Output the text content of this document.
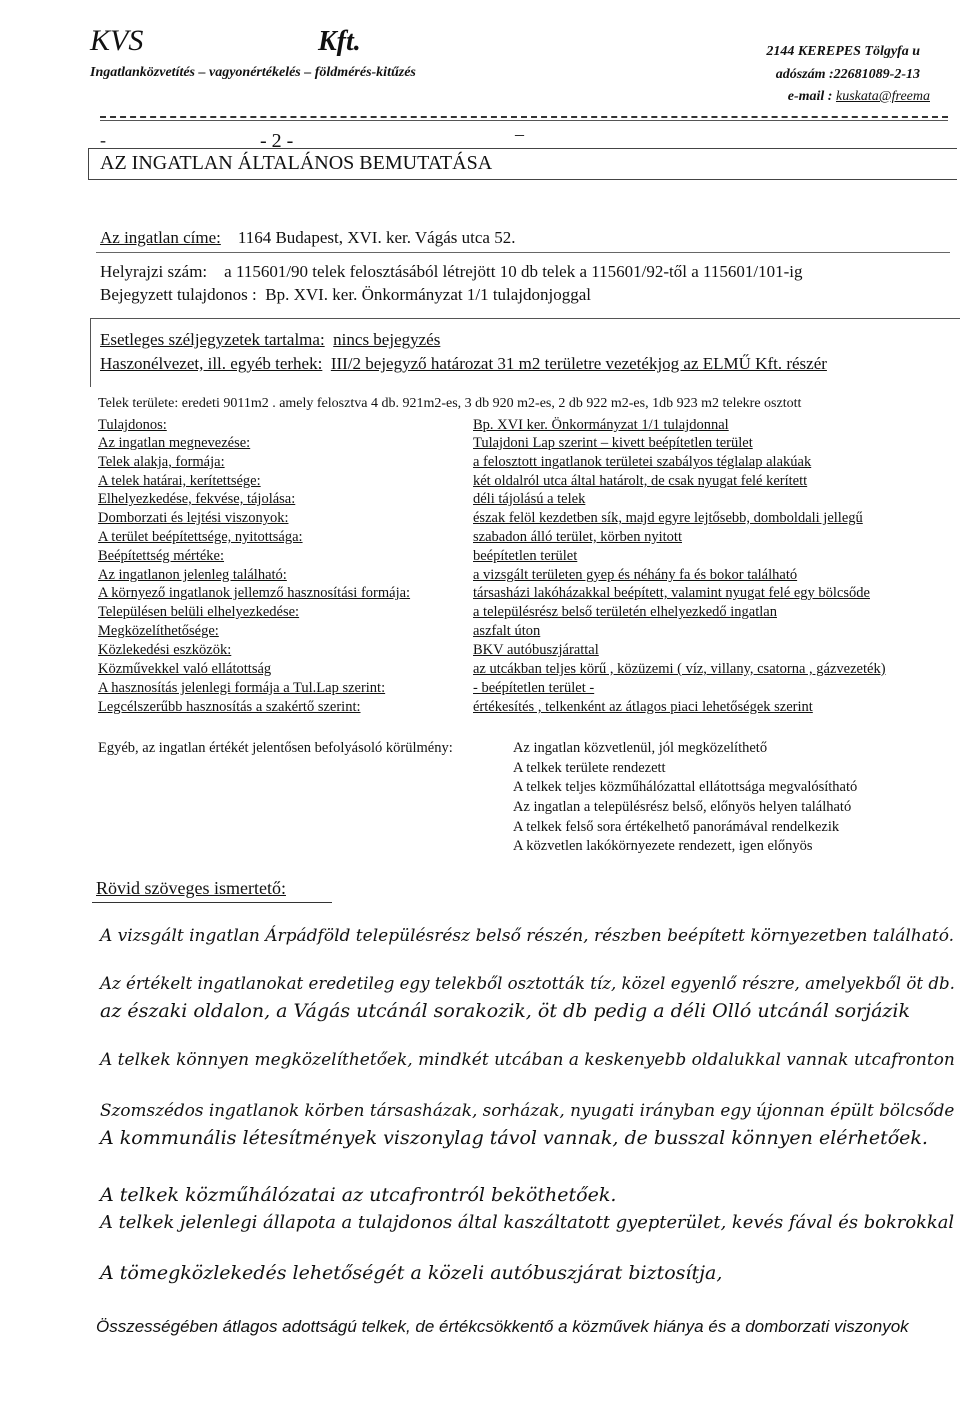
KVS	Kft.
Ingatlanközvetítés – vagyonértékelés – földmérés-kitűzés
2144 KEREPES Tölgyfa u
adószám :22681089-2-13
e-mail : kuskata@freema
-	- 2 -	–
AZ INGATLAN ÁLTALÁNOS BEMUTATÁSA
Az ingatlan címe: 1164 Budapest, XVI. ker. Vágás utca 52.
Helyrajzi szám: a 115601/90 telek felosztásából létrejött 10 db telek a 115601/92-től a 115601/101-ig
Bejegyzett tulajdonos : Bp. XVI. ker. Önkormányzat 1/1 tulajdonjoggal
Esetleges széljegyzetek tartalma: nincs bejegyzés
Haszonélvezet, ill. egyéb terhek: III/2 bejegyző határozat 31 m2 területre vezetékjog az ELMŰ Kft. részér
Telek területe: eredeti 9011m2 . amely felosztva 4 db. 921m2-es, 3 db 920 m2-es, 2 db 922 m2-es, 1db 923 m2 telekre osztott
Tulajdonos:	Bp. XVI ker. Önkormányzat 1/1 tulajdonnal
Az ingatlan megnevezése:	Tulajdoni Lap szerint – kivett beépítetlen terület
Telek alakja, formája:	a felosztott ingatlanok területei szabályos téglalap alakúak
A telek határai, kerítettsége:	két oldalról utca által határolt, de csak nyugat felé kerített
Elhelyezkedése, fekvése, tájolása:	déli tájolású a telek
Domborzati és lejtési viszonyok:	észak felöl kezdetben sík, majd egyre lejtősebb, domboldali jellegű
A terület beépítettsége, nyitottsága:	szabadon álló terület, körben nyitott
Beépítettség mértéke:	beépítetlen terület
Az ingatlanon jelenleg található:	a vizsgált területen gyep és néhány fa és bokor található
A környező ingatlanok jellemző hasznosítási formája:	társasházi lakóházakkal beépített, valamint nyugat felé egy bölcsőde
Településen belüli elhelyezkedése:	a településrész belső területén elhelyezkedő ingatlan
Megközelíthetősége:	aszfalt úton
Közlekedési eszközök:	BKV autóbuszjárattal
Közművekkel való ellátottság	az utcákban teljes körű , közüzemi ( víz, villany, csatorna , gázvezeték)
A hasznosítás jelenlegi formája a Tul.Lap szerint:	- beépítetlen terület -
Legcélszerűbb hasznosítás a szakértő szerint:	értékesítés , telkenként az átlagos piaci lehetőségek szerint
Egyéb, az ingatlan értékét jelentősen befolyásoló körülmény:	Az ingatlan közvetlenül, jól megközelíthető
A telkek területe rendezett
A telkek teljes közműhálózattal ellátottsága megvalósítható
Az ingatlan a településrész belső, előnyös helyen található
A telkek felső sora értékelhető panorámával rendelkezik
A közvetlen lakókörnyezete rendezett, igen előnyös
Rövid szöveges ismertető:
A vizsgált ingatlan Árpádföld településrész belső részén, részben beépített környezetben található.
Az értékelt ingatlanokat eredetileg egy telekből osztották tíz, közel egyenlő részre, amelyekből öt db.
az északi oldalon, a Vágás utcánál sorakozik, öt db pedig a déli Olló utcánál sorjázik
A telkek könnyen megközelíthetőek, mindkét utcában a keskenyebb oldalukkal vannak utcafronton
Szomszédos ingatlanok körben társasházak, sorházak, nyugati irányban egy újonnan épült bölcsőde
A kommunális létesítmények viszonylag távol vannak, de busszal könnyen elérhetőek.
A telkek közműhálózatai az utcafrontról beköthetőek.
A telkek jelenlegi állapota a tulajdonos által kaszáltatott gyepterület, kevés fával és bokrokkal
A tömegközlekedés lehetőségét a közeli autóbuszjárat biztosítja,
Összességében átlagos adottságú telkek, de értékcsökkentő a közművek hiánya és a domborzati viszonyok
